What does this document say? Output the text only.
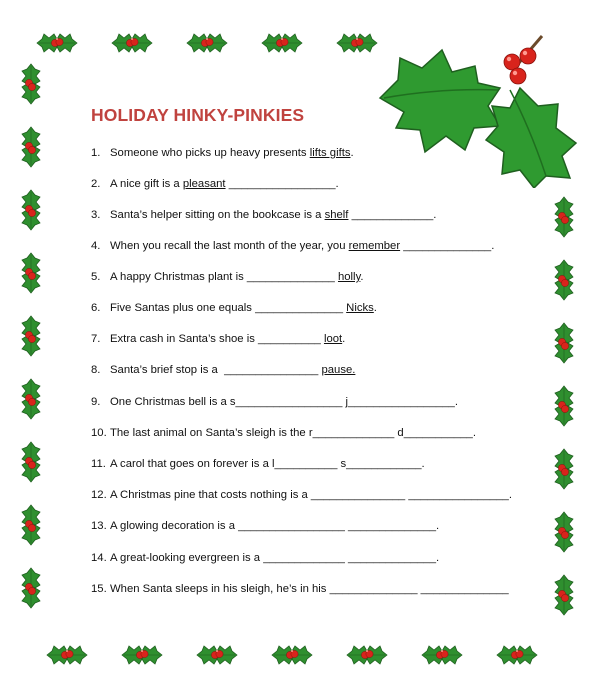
HOLIDAY HINKY-PINKIES
1. Someone who picks up heavy presents lifts gifts.
2. A nice gift is a pleasant _________________.
3. Santa’s helper sitting on the bookcase is a shelf _____________.
4. When you recall the last month of the year, you remember ______________.
5. A happy Christmas plant is ______________ holly.
6. Five Santas plus one equals ______________ Nicks.
7. Extra cash in Santa’s shoe is __________ loot.
8. Santa’s brief stop is a  _______________ pause.
9. One Christmas bell is a s_________________ j_________________.
10. The last animal on Santa’s sleigh is the r_____________ d___________.
11. A carol that goes on forever is a l__________ s____________.
12. A Christmas pine that costs nothing is a _______________ ________________.
13. A glowing decoration is a _________________ ______________.
14. A great-looking evergreen is a _____________ ______________.
15. When Santa sleeps in his sleigh, he’s in his ______________ ______________
